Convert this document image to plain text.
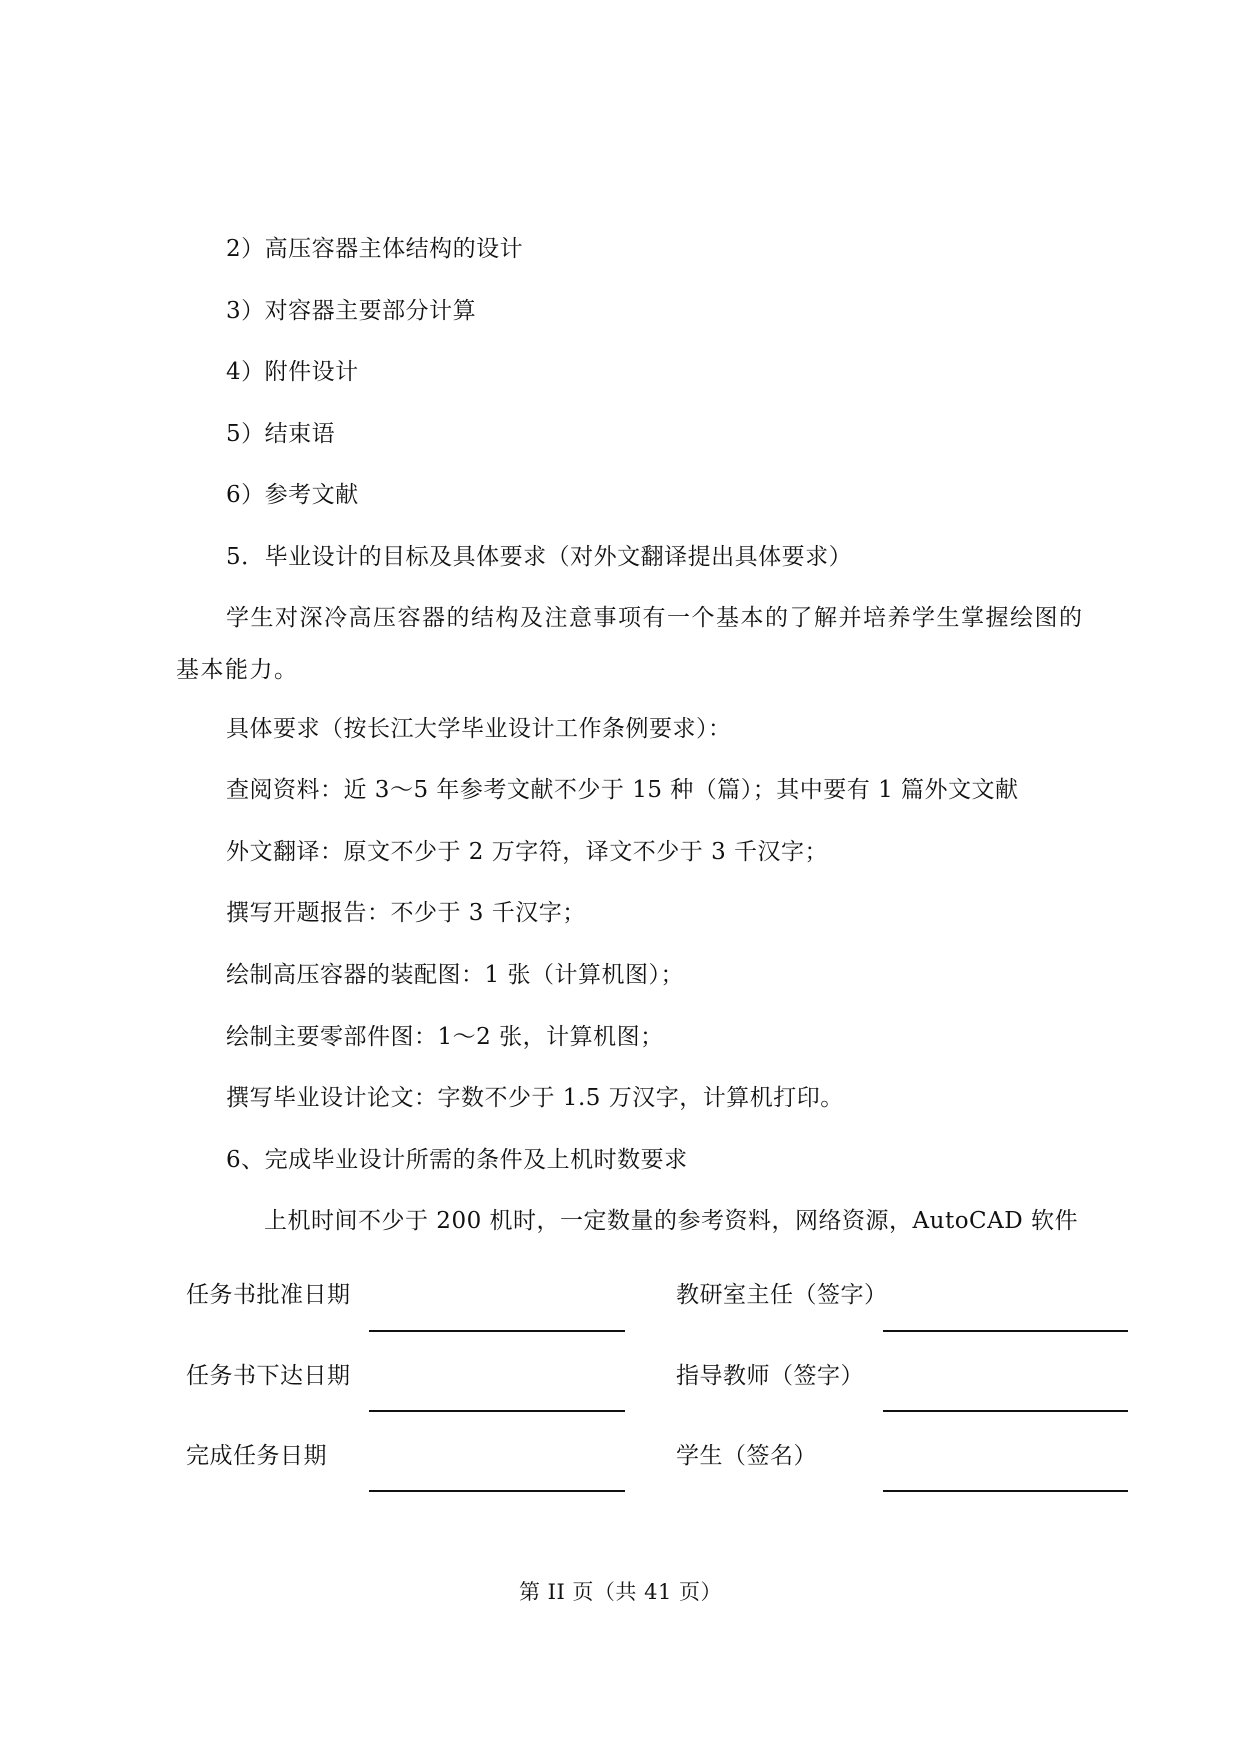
2）高压容器主体结构的设计
3）对容器主要部分计算
4）附件设计
5）结束语
6）参考文献
5．毕业设计的目标及具体要求（对外文翻译提出具体要求）
学生对深冷高压容器的结构及注意事项有一个基本的了解并培养学生掌握绘图的基本能力。
具体要求（按长江大学毕业设计工作条例要求）：
查阅资料：近 3～5 年参考文献不少于 15 种（篇）；其中要有 1 篇外文文献
外文翻译：原文不少于 2 万字符，译文不少于 3 千汉字；
撰写开题报告：不少于 3 千汉字；
绘制高压容器的装配图：1 张（计算机图）；
绘制主要零部件图：1～2 张，计算机图；
撰写毕业设计论文：字数不少于 1.5 万汉字，计算机打印。
6、完成毕业设计所需的条件及上机时数要求
上机时间不少于 200 机时，一定数量的参考资料，网络资源，AutoCAD 软件
任务书批准日期	教研室主任（签字）
任务书下达日期	指导教师（签字）
完成任务日期	学生（签名）
第 II 页（共 41 页）
